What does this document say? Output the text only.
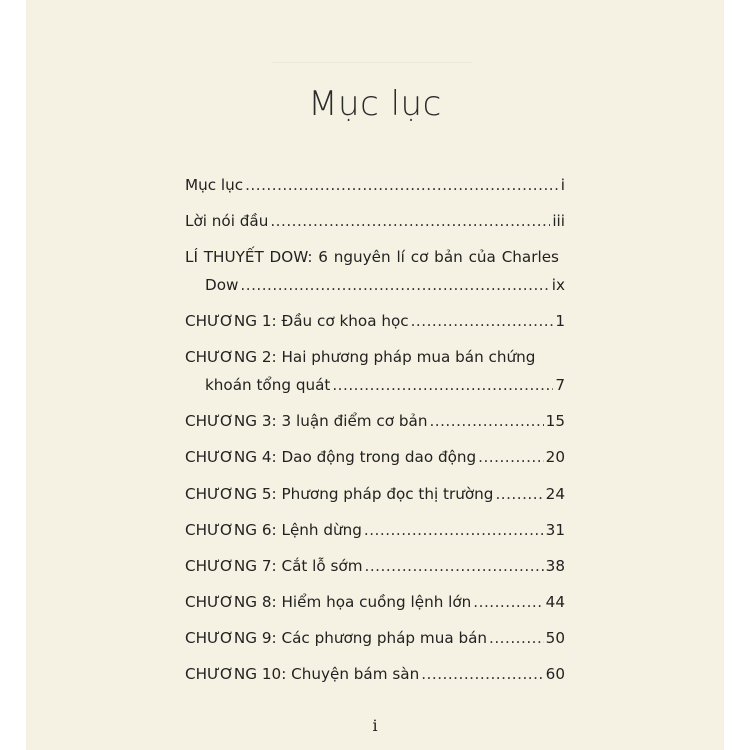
Mục lục
Mục lục .....	i
Lời nói đầu .....	iii
LÍ THUYẾT DOW: 6 nguyên lí cơ bản của Charles
Dow .....	ix
CHƯƠNG 1: Đầu cơ khoa học .....	1
CHƯƠNG 2: Hai phương pháp mua bán chứng
khoán tổng quát .....	7
CHƯƠNG 3: 3 luận điểm cơ bản .....	15
CHƯƠNG 4: Dao động trong dao động .....	20
CHƯƠNG 5: Phương pháp đọc thị trường .....	24
CHƯƠNG 6: Lệnh dừng .....	31
CHƯƠNG 7: Cắt lỗ sớm .....	38
CHƯƠNG 8: Hiểm họa cuồng lệnh lớn .....	44
CHƯƠNG 9: Các phương pháp mua bán .....	50
CHƯƠNG 10: Chuyện bám sàn .....	60
i
